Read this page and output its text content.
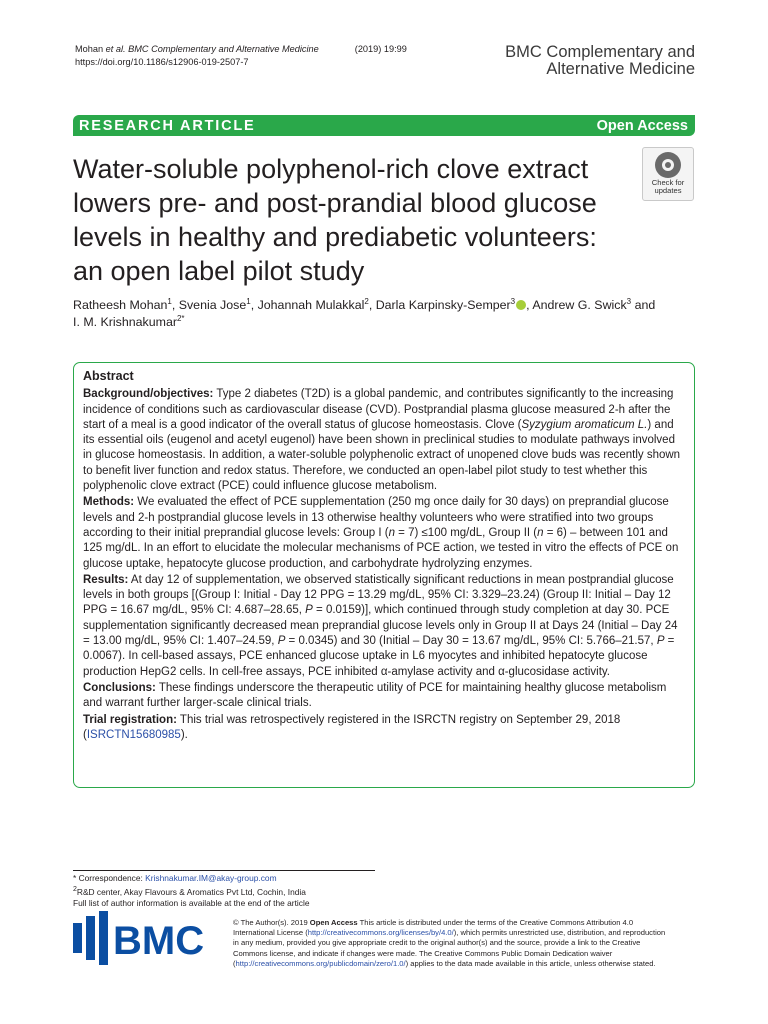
Mohan et al. BMC Complementary and Alternative Medicine	(2019) 19:99
https://doi.org/10.1186/s12906-019-2507-7
BMC Complementary and
Alternative Medicine
RESEARCH ARTICLE	Open Access
Water-soluble polyphenol-rich clove extract lowers pre- and post-prandial blood glucose levels in healthy and prediabetic volunteers: an open label pilot study
Check for
updates
Ratheesh Mohan$^1$, Svenia Jose$^1$, Johannah Mulakkal$^2$, Darla Karpinsky-Semper$^3$ , Andrew G. Swick$^3$ and
I. M. Krishnakumar$^{2*}$
Abstract

Background/objectives: Type 2 diabetes (T2D) is a global pandemic, and contributes significantly to the increasing incidence of conditions such as cardiovascular disease (CVD). Postprandial plasma glucose measured 2-h after the start of a meal is a good indicator of the overall status of glucose homeostasis. Clove (Syzygium aromaticum L.) and its essential oils (eugenol and acetyl eugenol) have been shown in preclinical studies to modulate pathways involved in glucose homeostasis. In addition, a water-soluble polyphenolic extract of unopened clove buds was recently shown to benefit liver function and redox status. Therefore, we conducted an open-label pilot study to test whether this polyphenolic clove extract (PCE) could influence glucose metabolism.

Methods: We evaluated the effect of PCE supplementation (250 mg once daily for 30 days) on preprandial glucose levels and 2-h postprandial glucose levels in 13 otherwise healthy volunteers who were stratified into two groups according to their initial preprandial glucose levels: Group I (n = 7) ≤100 mg/dL, Group II (n = 6) – between 101 and 125 mg/dL. In an effort to elucidate the molecular mechanisms of PCE action, we tested in vitro the effects of PCE on glucose uptake, hepatocyte glucose production, and carbohydrate hydrolyzing enzymes.

Results: At day 12 of supplementation, we observed statistically significant reductions in mean postprandial glucose levels in both groups [(Group I: Initial - Day 12 PPG = 13.29 mg/dL, 95% CI: 3.329–23.24) (Group II: Initial – Day 12 PPG = 16.67 mg/dL, 95% CI: 4.687–28.65, P = 0.0159)], which continued through study completion at day 30. PCE supplementation significantly decreased mean preprandial glucose levels only in Group II at Days 24 (Initial – Day 24 = 13.00 mg/dL, 95% CI: 1.407–24.59, P = 0.0345) and 30 (Initial – Day 30 = 13.67 mg/dL, 95% CI: 5.766–21.57, P = 0.0067). In cell-based assays, PCE enhanced glucose uptake in L6 myocytes and inhibited hepatocyte glucose production HepG2 cells. In cell-free assays, PCE inhibited α-amylase activity and α-glucosidase activity.

Conclusions: These findings underscore the therapeutic utility of PCE for maintaining healthy glucose metabolism and warrant further larger-scale clinical trials.

Trial registration: This trial was retrospectively registered in the ISRCTN registry on September 29, 2018 (ISRCTN15680985).

* Correspondence: Krishnakumar.IM@akay-group.com
$^2$R&D center, Akay Flavours & Aromatics Pvt Ltd, Cochin, India
Full list of author information is available at the end of the article
BMC	© The Author(s). 2019 Open Access This article is distributed under the terms of the Creative Commons Attribution 4.0 International License (http://creativecommons.org/licenses/by/4.0/), which permits unrestricted use, distribution, and reproduction in any medium, provided you give appropriate credit to the original author(s) and the source, provide a link to the Creative Commons license, and indicate if changes were made. The Creative Commons Public Domain Dedication waiver (http://creativecommons.org/publicdomain/zero/1.0/) applies to the data made available in this article, unless otherwise stated.
